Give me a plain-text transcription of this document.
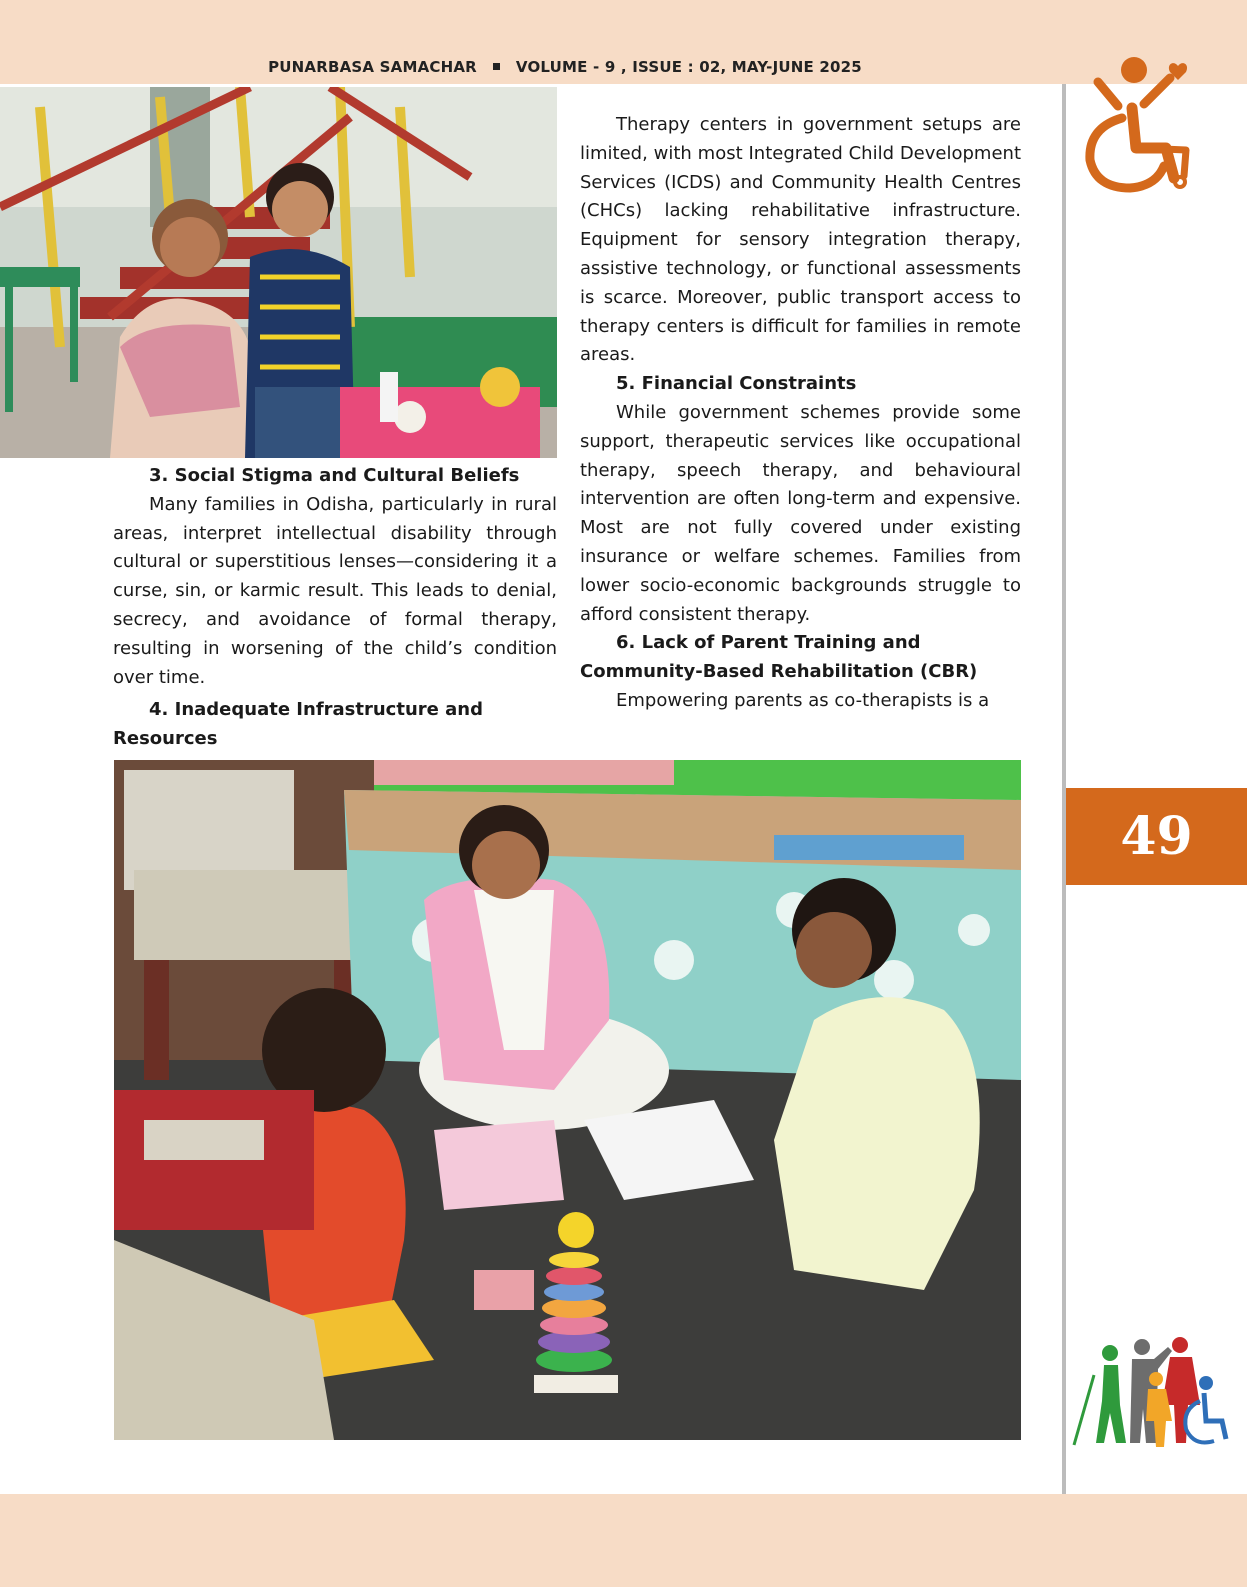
PUNARBASA SAMACHAR	VOLUME - 9 , ISSUE : 02, MAY-JUNE 2025

3. Social Stigma and Cultural Beliefs

Many families in Odisha, particularly in rural areas, interpret intellectual disability through cultural or superstitious lenses—considering it a curse, sin, or karmic result. This leads to denial, secrecy, and avoidance of formal therapy, resulting in worsening of the child’s condition over time.

4. Inadequate Infrastructure and Resources

Therapy centers in government setups are limited, with most Integrated Child Development Services (ICDS) and Community Health Centres (CHCs) lacking rehabilitative infrastructure. Equipment for sensory integration therapy, assistive technology, or functional assessments is scarce. Moreover, public transport access to therapy centers is difficult for families in remote areas.

5. Financial Constraints

While government schemes provide some support, therapeutic services like occupational therapy, speech therapy, and behavioural intervention are often long-term and expensive. Most are not fully covered under existing insurance or welfare schemes. Families from lower socio-economic backgrounds struggle to afford consistent therapy.

6. Lack of Parent Training and Community-Based Rehabilitation (CBR)

Empowering parents as co-therapists is a

49
